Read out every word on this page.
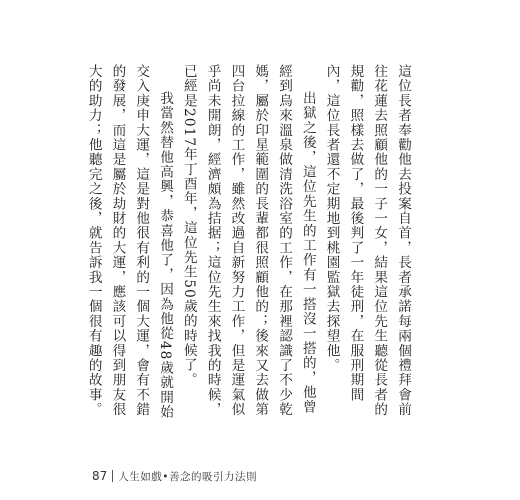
這位長者奉勸他去投案自首，長者承諾每兩個禮拜會前往花蓮去照顧他的一子一女，結果這位先生聽從長者的規勸，照樣去做了，最後判了一年徒刑，在服刑期間內，這位長者還不定期地到桃園監獄去探望他。

出獄之後，這位先生的工作有一搭沒一搭的，他曾經到烏來溫泉做清洗浴室的工作，在那裡認識了不少乾媽，屬於印星範圍的長輩都很照顧他的；後來又去做第四台拉線的工作，雖然改過自新努力工作，但是運氣似乎尚未開朗，經濟頗為拮据；這位先生來找我的時候，已經是2017年丁酉年，這位先生50歲的時候了。

我當然替他高興，恭喜他了，因為他從48歲就開始交入庚申大運，這是對他很有利的一個大運，會有不錯的發展，而這是屬於劫財的大運，應該可以得到朋友很大的助力；他聽完之後，就告訴我一個很有趣的故事。

87 人生如戲•善念的吸引力法則
